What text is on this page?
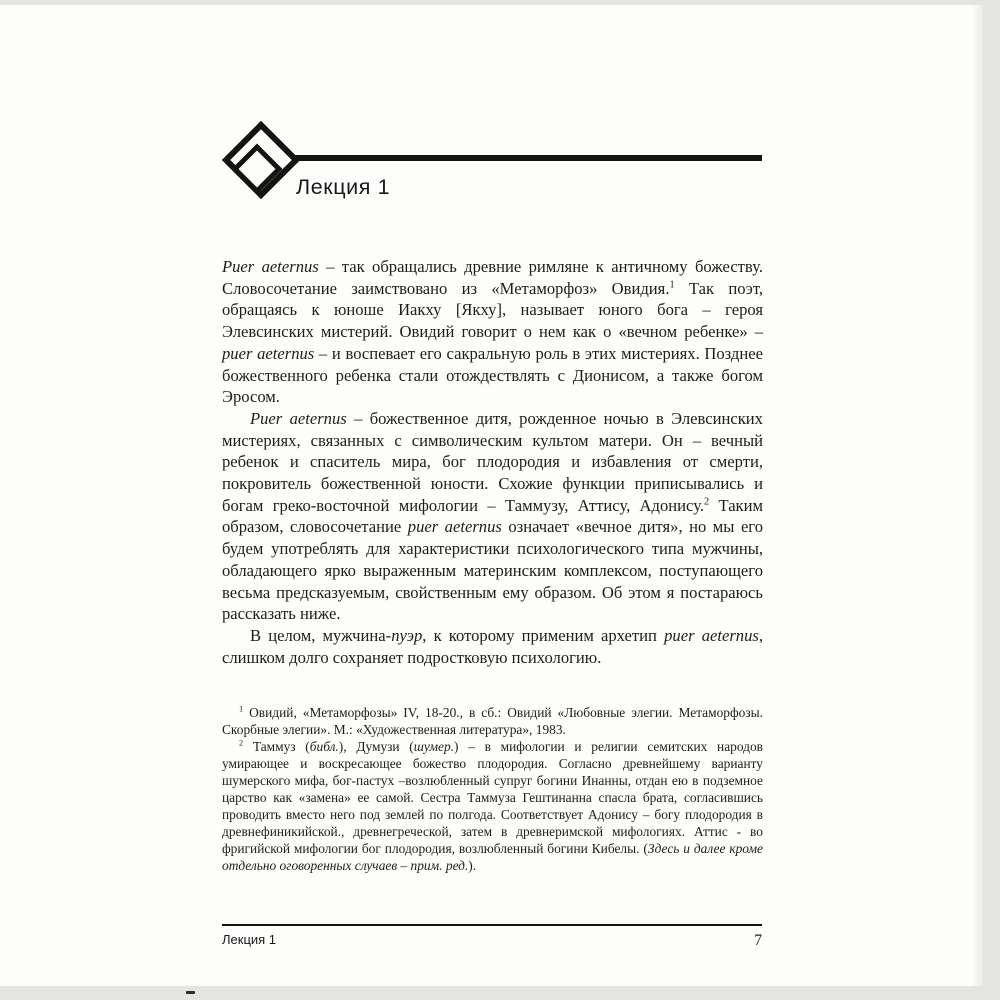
Лекция 1

Puer aeternus – так обращались древние римляне к античному божеству. Словосочетание заимствовано из «Метаморфоз» Овидия.$^1$ Так поэт, обращаясь к юноше Иакху [Якху], называет юного бога – героя Элевсинских мистерий. Овидий говорит о нем как о «вечном ребенке» – puer aeternus – и воспевает его сакральную роль в этих мистериях. Позднее божественного ребенка стали отождествлять с Дионисом, а также богом Эросом.

Puer aeternus – божественное дитя, рожденное ночью в Элевсинских мистериях, связанных с символическим культом матери. Он – вечный ребенок и спаситель мира, бог плодородия и избавления от смерти, покровитель божественной юности. Схожие функции приписывались и богам греко-восточной мифологии – Таммузу, Аттису, Адонису.$^2$ Таким образом, словосочетание puer aeternus означает «вечное дитя», но мы его будем употреблять для характеристики психологического типа мужчины, обладающего ярко выраженным материнским комплексом, поступающего весьма предсказуемым, свойственным ему образом. Об этом я постараюсь рассказать ниже.

В целом, мужчина-пуэр, к которому применим архетип puer aeternus, слишком долго сохраняет подростковую психологию.

$^1$ Овидий, «Метаморфозы» IV, 18-20., в сб.: Овидий «Любовные элегии. Метаморфозы. Скорбные элегии». М.: «Художественная литература», 1983.

$^2$ Таммуз (библ.), Думузи (шумер.) – в мифологии и религии семитских народов умирающее и воскресающее божество плодородия. Согласно древнейшему варианту шумерского мифа, бог-пастух –возлюбленный супруг богини Инанны, отдан ею в подземное царство как «замена» ее самой. Сестра Таммуза Гештинанна спасла брата, согласившись проводить вместо него под землей по полгода. Соответствует Адонису – богу плодородия в древнефиникийской., древнегреческой, затем в древнеримской мифологиях. Аттис - во фригийской мифологии бог плодородия, возлюбленный богини Кибелы. (Здесь и далее кроме отдельно оговоренных случаев – прим. ред.).

Лекция 1	7
